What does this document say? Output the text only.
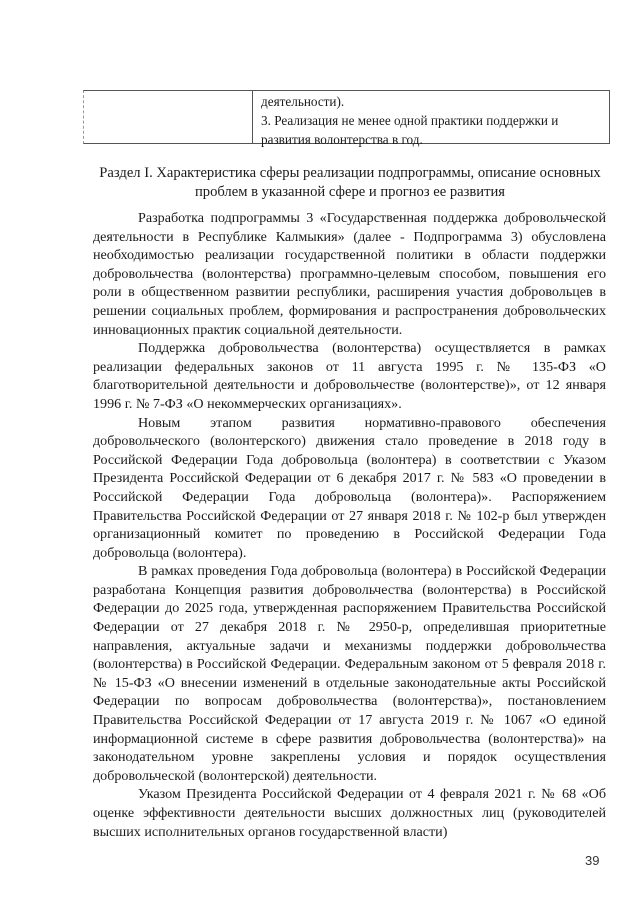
деятельности).
3. Реализация не менее одной практики поддержки и развития волонтерства в год.
Раздел I. Характеристика сферы реализации подпрограммы, описание основных проблем в указанной сфере и прогноз ее развития

Разработка подпрограммы 3 «Государственная поддержка добровольческой деятельности в Республике Калмыкия» (далее - Подпрограмма 3) обусловлена необходимостью реализации государственной политики в области поддержки добровольчества (волонтерства) программно-целевым способом, повышения его роли в общественном развитии республики, расширения участия добровольцев в решении социальных проблем, формирования и распространения добровольческих инновационных практик социальной деятельности.

Поддержка добровольчества (волонтерства) осуществляется в рамках реализации федеральных законов от 11 августа 1995 г. № 135-ФЗ «О благотворительной деятельности и добровольчестве (волонтерстве)», от 12 января 1996 г. № 7-ФЗ «О некоммерческих организациях».

Новым этапом развития нормативно-правового обеспечения добровольческого (волонтерского) движения стало проведение в 2018 году в Российской Федерации Года добровольца (волонтера) в соответствии с Указом Президента Российской Федерации от 6 декабря 2017 г. № 583 «О проведении в Российской Федерации Года добровольца (волонтера)». Распоряжением Правительства Российской Федерации от 27 января 2018 г. № 102-р был утвержден организационный комитет по проведению в Российской Федерации Года добровольца (волонтера).

В рамках проведения Года добровольца (волонтера) в Российской Федерации разработана Концепция развития добровольчества (волонтерства) в Российской Федерации до 2025 года, утвержденная распоряжением Правительства Российской Федерации от 27 декабря 2018 г. № 2950-р, определившая приоритетные направления, актуальные задачи и механизмы поддержки добровольчества (волонтерства) в Российской Федерации. Федеральным законом от 5 февраля 2018 г. № 15-ФЗ «О внесении изменений в отдельные законодательные акты Российской Федерации по вопросам добровольчества (волонтерства)», постановлением Правительства Российской Федерации от 17 августа 2019 г. № 1067 «О единой информационной системе в сфере развития добровольчества (волонтерства)» на законодательном уровне закреплены условия и порядок осуществления добровольческой (волонтерской) деятельности.

Указом Президента Российской Федерации от 4 февраля 2021 г. № 68 «Об оценке эффективности деятельности высших должностных лиц (руководителей высших исполнительных органов государственной власти)

39
